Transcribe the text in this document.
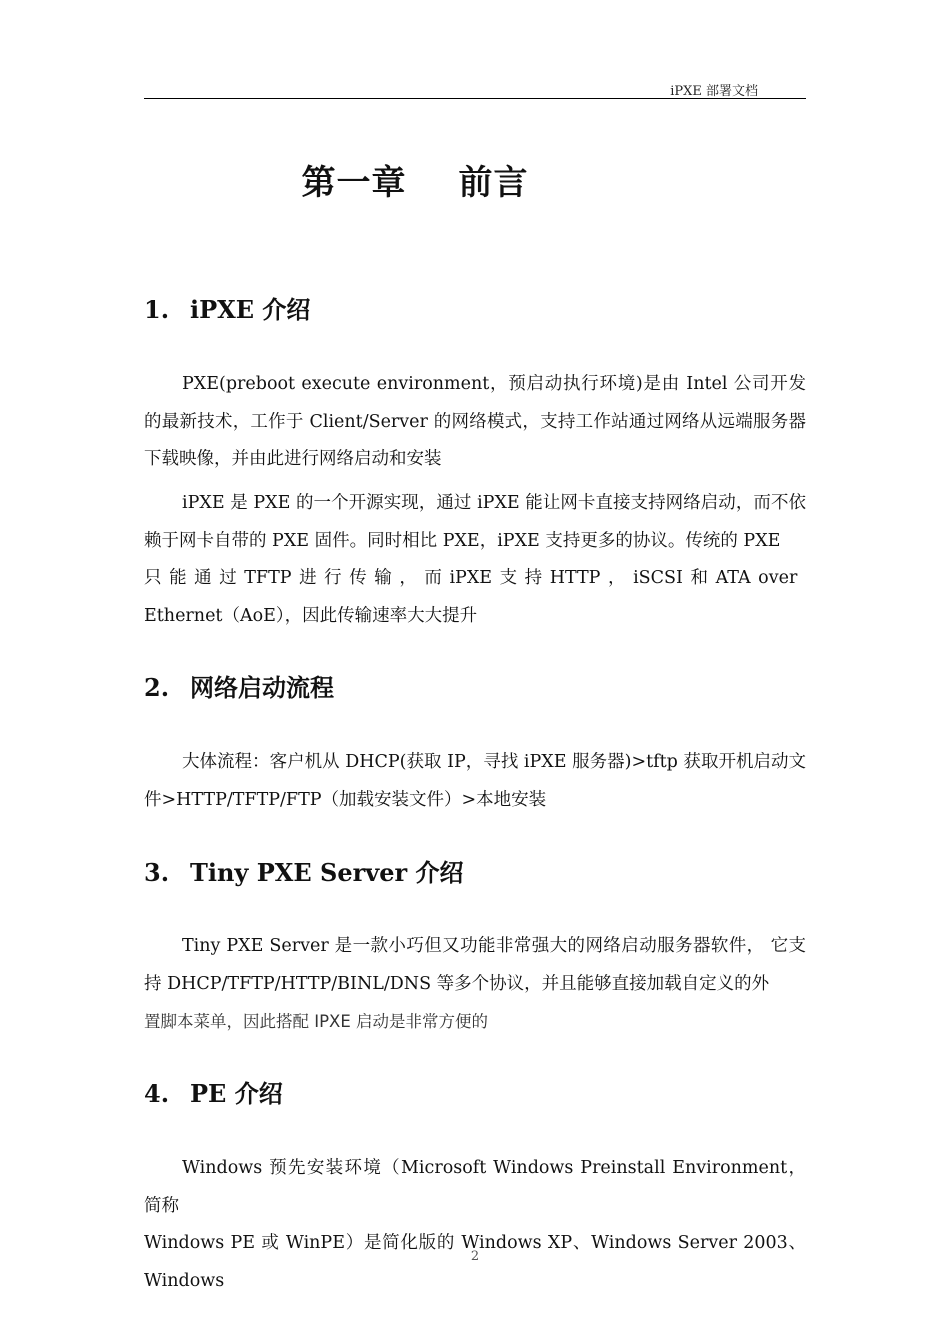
iPXE 部署文档
第一章 前言
1. iPXE 介绍
PXE(preboot execute environment，预启动执行环境)是由 Intel 公司开发的最新技术，工作于 Client/Server 的网络模式，支持工作站通过网络从远端服务器下载映像，并由此进行网络启动和安装
iPXE 是 PXE 的一个开源实现，通过 iPXE 能让网卡直接支持网络启动，而不依赖于网卡自带的 PXE 固件。同时相比 PXE，iPXE 支持更多的协议。传统的 PXE
只 能 通 过 TFTP 进 行 传 输 ， 而 iPXE 支 持 HTTP ， iSCSI 和 ATA over
Ethernet（AoE），因此传输速率大大提升
2. 网络启动流程
大体流程：客户机从 DHCP(获取 IP，寻找 iPXE 服务器)>tftp 获取开机启动文件>HTTP/TFTP/FTP（加载安装文件）>本地安装
3. Tiny PXE Server 介绍
Tiny PXE Server 是一款小巧但又功能非常强大的网络启动服务器软件， 它支持 DHCP/TFTP/HTTP/BINL/DNS 等多个协议，并且能够直接加载自定义的外
置脚本菜单，因此搭配 IPXE 启动是非常方便的
4. PE 介绍
Windows 预先安装环境（Microsoft Windows Preinstall Environment，简称
Windows PE 或 WinPE）是简化版的 Windows XP、Windows Server 2003、Windows
2
